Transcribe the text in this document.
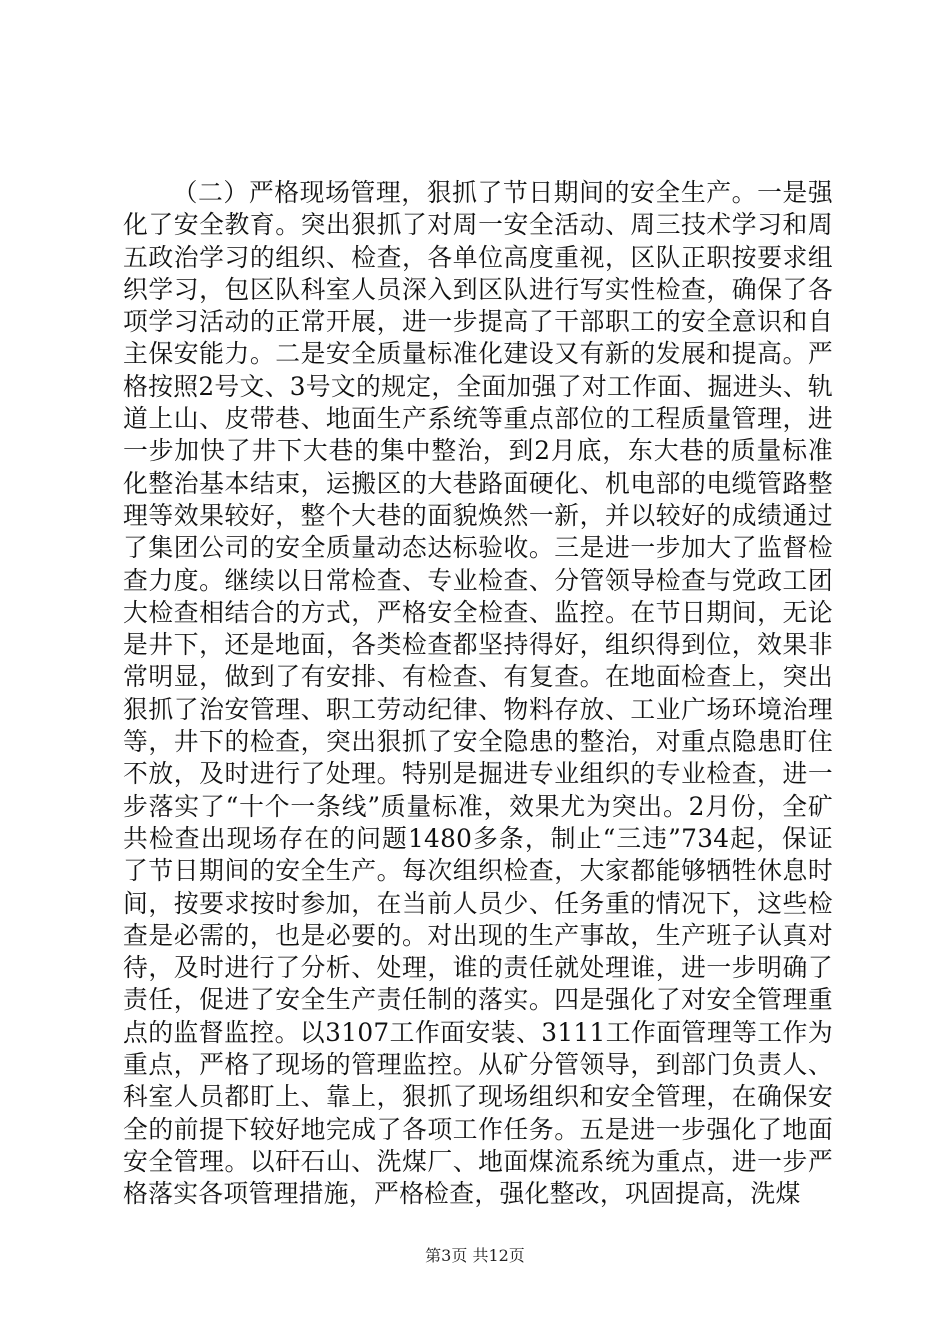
（二）严格现场管理，狠抓了节日期间的安全生产。一是强化了安全教育。突出狠抓了对周一安全活动、周三技术学习和周五政治学习的组织、检查，各单位高度重视，区队正职按要求组织学习，包区队科室人员深入到区队进行写实性检查，确保了各项学习活动的正常开展，进一步提高了干部职工的安全意识和自主保安能力。二是安全质量标准化建设又有新的发展和提高。严格按照2号文、3号文的规定，全面加强了对工作面、掘进头、轨道上山、皮带巷、地面生产系统等重点部位的工程质量管理，进一步加快了井下大巷的集中整治，到2月底，东大巷的质量标准化整治基本结束，运搬区的大巷路面硬化、机电部的电缆管路整理等效果较好，整个大巷的面貌焕然一新，并以较好的成绩通过了集团公司的安全质量动态达标验收。三是进一步加大了监督检查力度。继续以日常检查、专业检查、分管领导检查与党政工团大检查相结合的方式，严格安全检查、监控。在节日期间，无论是井下，还是地面，各类检查都坚持得好，组织得到位，效果非常明显，做到了有安排、有检查、有复查。在地面检查上，突出狠抓了治安管理、职工劳动纪律、物料存放、工业广场环境治理等，井下的检查，突出狠抓了安全隐患的整治，对重点隐患盯住不放，及时进行了处理。特别是掘进专业组织的专业检查，进一步落实了“十个一条线”质量标准，效果尤为突出。2月份，全矿共检查出现场存在的问题1480多条，制止“三违”734起，保证了节日期间的安全生产。每次组织检查，大家都能够牺牲休息时间，按要求按时参加，在当前人员少、任务重的情况下，这些检查是必需的，也是必要的。对出现的生产事故，生产班子认真对待，及时进行了分析、处理，谁的责任就处理谁，进一步明确了责任，促进了安全生产责任制的落实。四是强化了对安全管理重点的监督监控。以3107工作面安装、3111工作面管理等工作为重点，严格了现场的管理监控。从矿分管领导，到部门负责人、科室人员都盯上、靠上，狠抓了现场组织和安全管理，在确保安全的前提下较好地完成了各项工作任务。五是进一步强化了地面安全管理。以矸石山、洗煤厂、地面煤流系统为重点，进一步严格落实各项管理措施，严格检查，强化整改，巩固提高，洗煤

第3页 共12页
